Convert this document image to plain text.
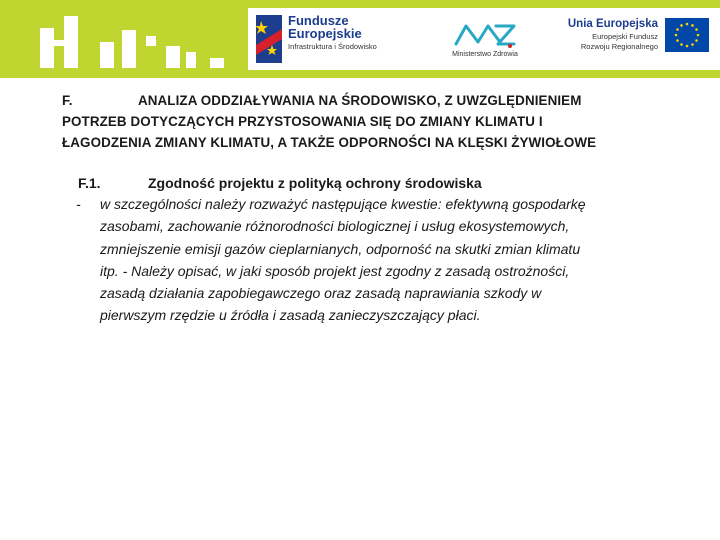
Fundusze
Europejskie
Infrastruktura i Środowisko
Ministerstwo Zdrowia
Unia Europejska
Europejski Fundusz
Rozwoju Regionalnego
F.	ANALIZA ODDZIAŁYWANIA NA ŚRODOWISKO, Z UWZGLĘDNIENIEM
POTRZEB DOTYCZĄCYCH PRZYSTOSOWANIA SIĘ DO ZMIANY KLIMATU I
ŁAGODZENIA ZMIANY KLIMATU, A TAKŻE ODPORNOŚCI NA KLĘSKI ŻYWIOŁOWE
F.1.	Zgodność projektu z polityką ochrony środowiska
- w szczególności należy rozważyć następujące kwestie: efektywną gospodarkę
zasobami, zachowanie różnorodności biologicznej i usług ekosystemowych,
zmniejszenie emisji gazów cieplarnianych, odporność na skutki zmian klimatu
itp. - Należy opisać, w jaki sposób projekt jest zgodny z zasadą ostrożności,
zasadą działania zapobiegawczego oraz zasadą naprawiania szkody w
pierwszym rzędzie u źródła i zasadą zanieczyszczający płaci.
